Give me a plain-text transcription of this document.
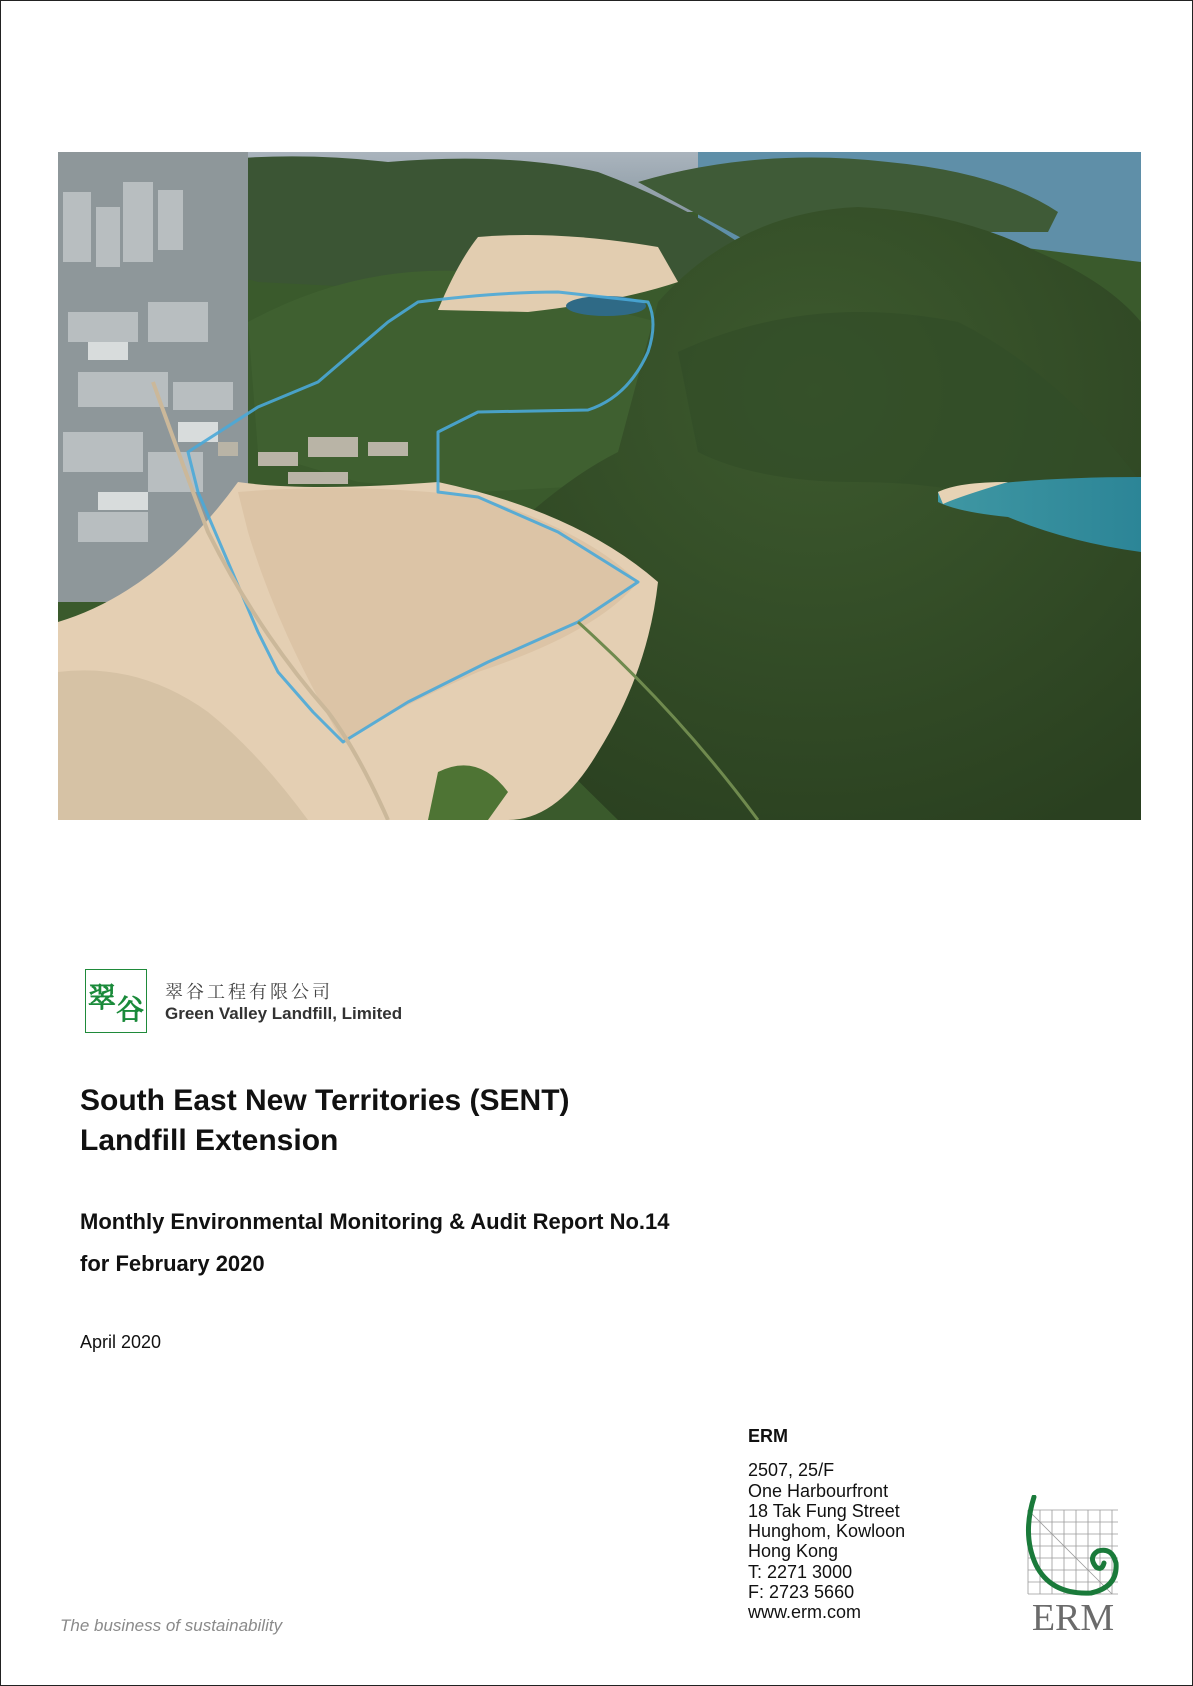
翠 谷
翠谷工程有限公司
Green Valley Landfill, Limited
South East New Territories (SENT)
Landfill Extension
Monthly Environmental Monitoring & Audit Report No.14
for February 2020
April 2020
ERM
2507, 25/F
One Harbourfront
18 Tak Fung Street
Hunghom, Kowloon
Hong Kong
T: 2271 3000
F: 2723 5660
www.erm.com	ERM
The business of sustainability
